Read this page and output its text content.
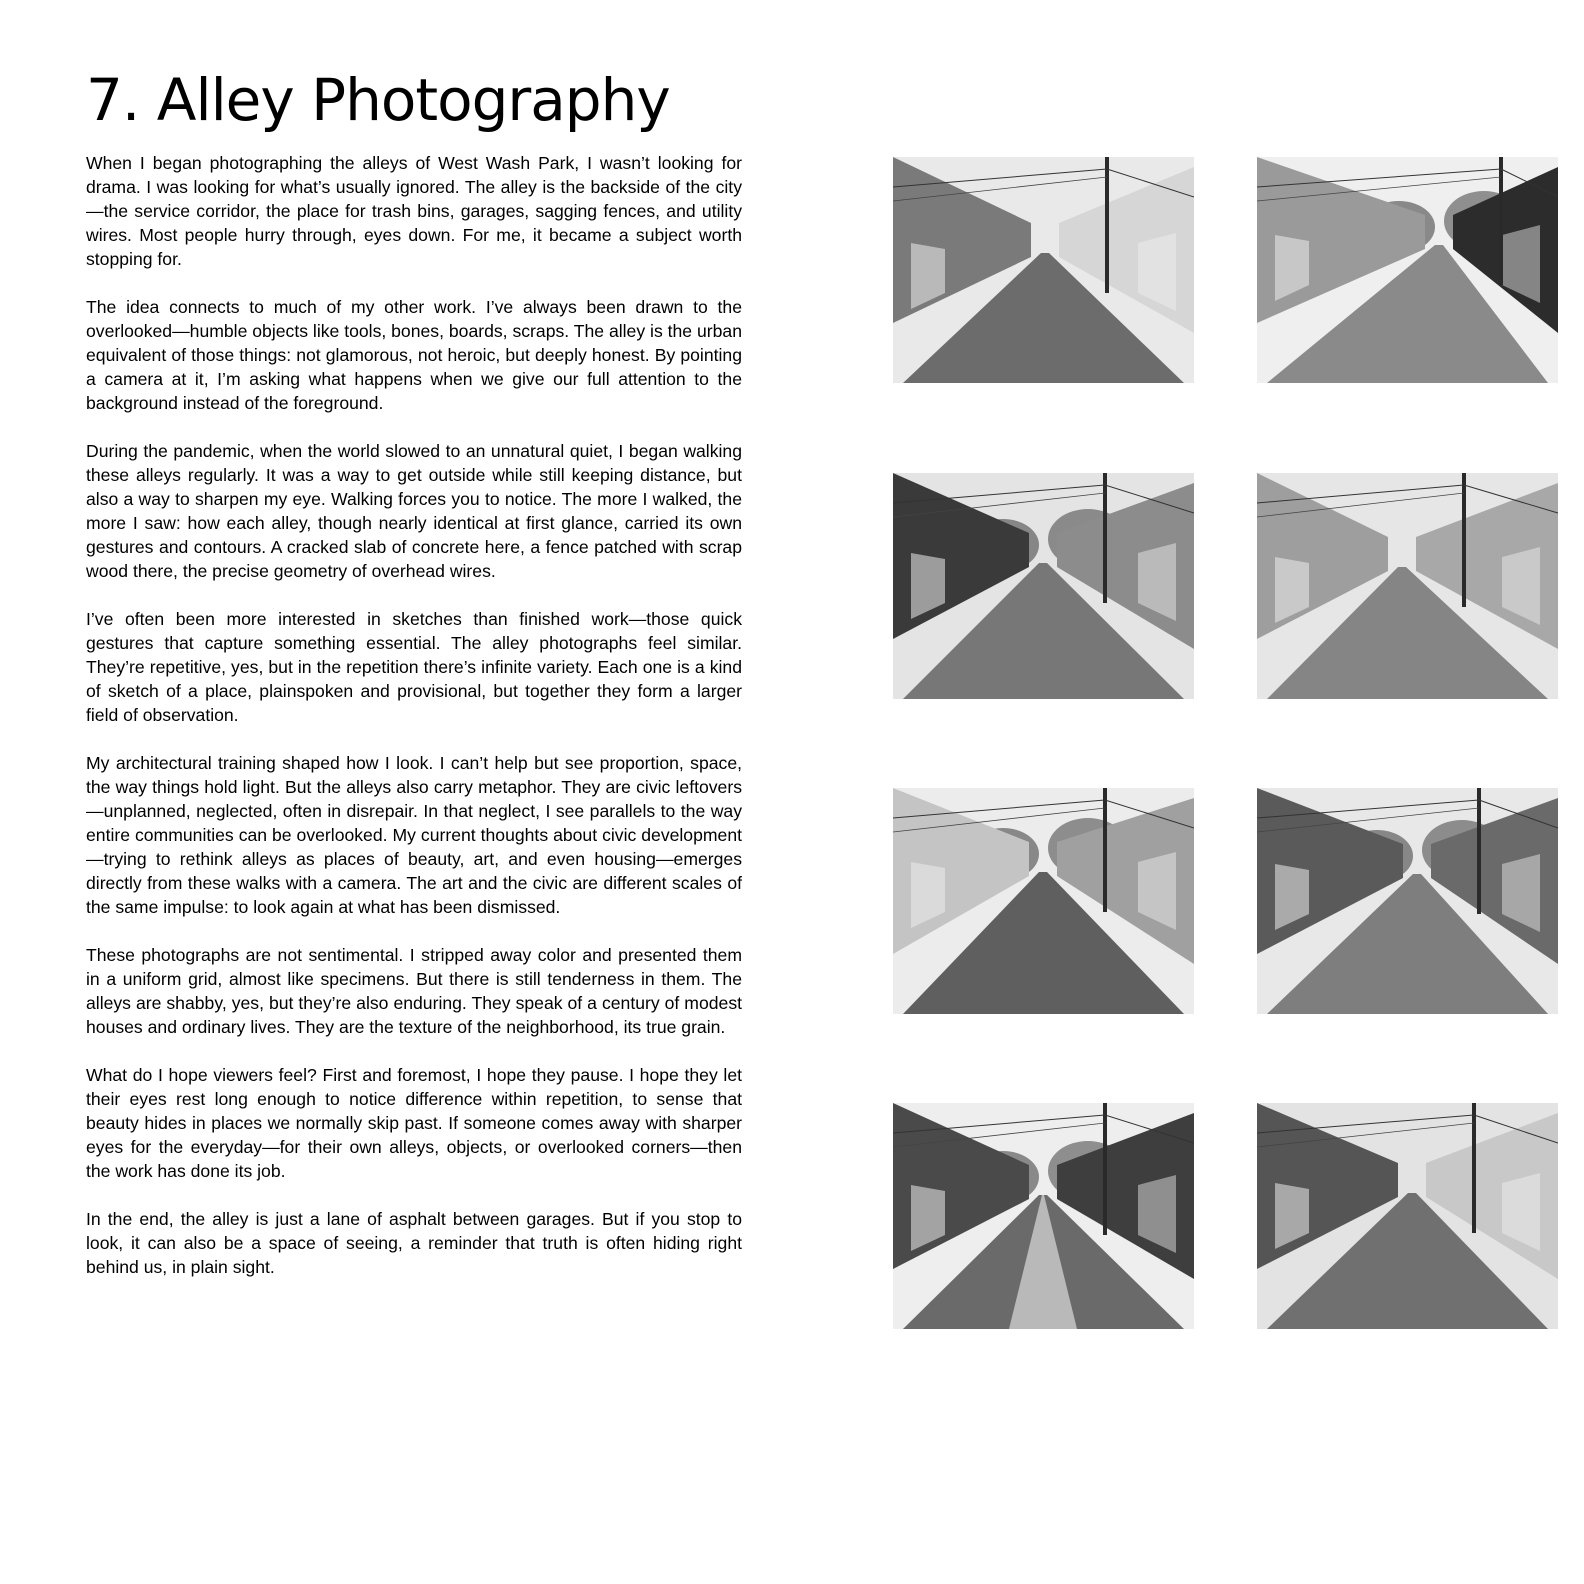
7. Alley Photography

When I began photographing the alleys of West Wash Park, I wasn’t looking for drama. I was looking for what’s usually ignored. The alley is the backside of the city—the service corridor, the place for trash bins, garages, sagging fences, and utility wires. Most people hurry through, eyes down. For me, it became a subject worth stopping for.

The idea connects to much of my other work. I’ve always been drawn to the overlooked—humble objects like tools, bones, boards, scraps. The alley is the urban equivalent of those things: not glamorous, not heroic, but deeply honest. By pointing a camera at it, I’m asking what happens when we give our full attention to the background instead of the foreground.

During the pandemic, when the world slowed to an unnatural quiet, I began walking these alleys regularly. It was a way to get outside while still keeping distance, but also a way to sharpen my eye. Walking forces you to notice. The more I walked, the more I saw: how each alley, though nearly identical at first glance, carried its own gestures and contours. A cracked slab of concrete here, a fence patched with scrap wood there, the precise geometry of overhead wires.

I’ve often been more interested in sketches than finished work—those quick gestures that capture something essential. The alley photographs feel similar. They’re repetitive, yes, but in the repetition there’s infinite variety. Each one is a kind of sketch of a place, plainspoken and provisional, but together they form a larger field of observation.

My architectural training shaped how I look. I can’t help but see proportion, space, the way things hold light. But the alleys also carry metaphor. They are civic leftovers—unplanned, neglected, often in disrepair. In that neglect, I see parallels to the way entire communities can be overlooked. My current thoughts about civic development—trying to rethink alleys as places of beauty, art, and even housing—emerges directly from these walks with a camera. The art and the civic are different scales of the same impulse: to look again at what has been dismissed.

These photographs are not sentimental. I stripped away color and presented them in a uniform grid, almost like specimens. But there is still tenderness in them. The alleys are shabby, yes, but they’re also enduring. They speak of a century of modest houses and ordinary lives. They are the texture of the neighborhood, its true grain.

What do I hope viewers feel? First and foremost, I hope they pause. I hope they let their eyes rest long enough to notice difference within repetition, to sense that beauty hides in places we normally skip past. If someone comes away with sharper eyes for the everyday—for their own alleys, objects, or overlooked corners—then the work has done its job.

In the end, the alley is just a lane of asphalt between garages. But if you stop to look, it can also be a space of seeing, a reminder that truth is often hiding right behind us, in plain sight.
